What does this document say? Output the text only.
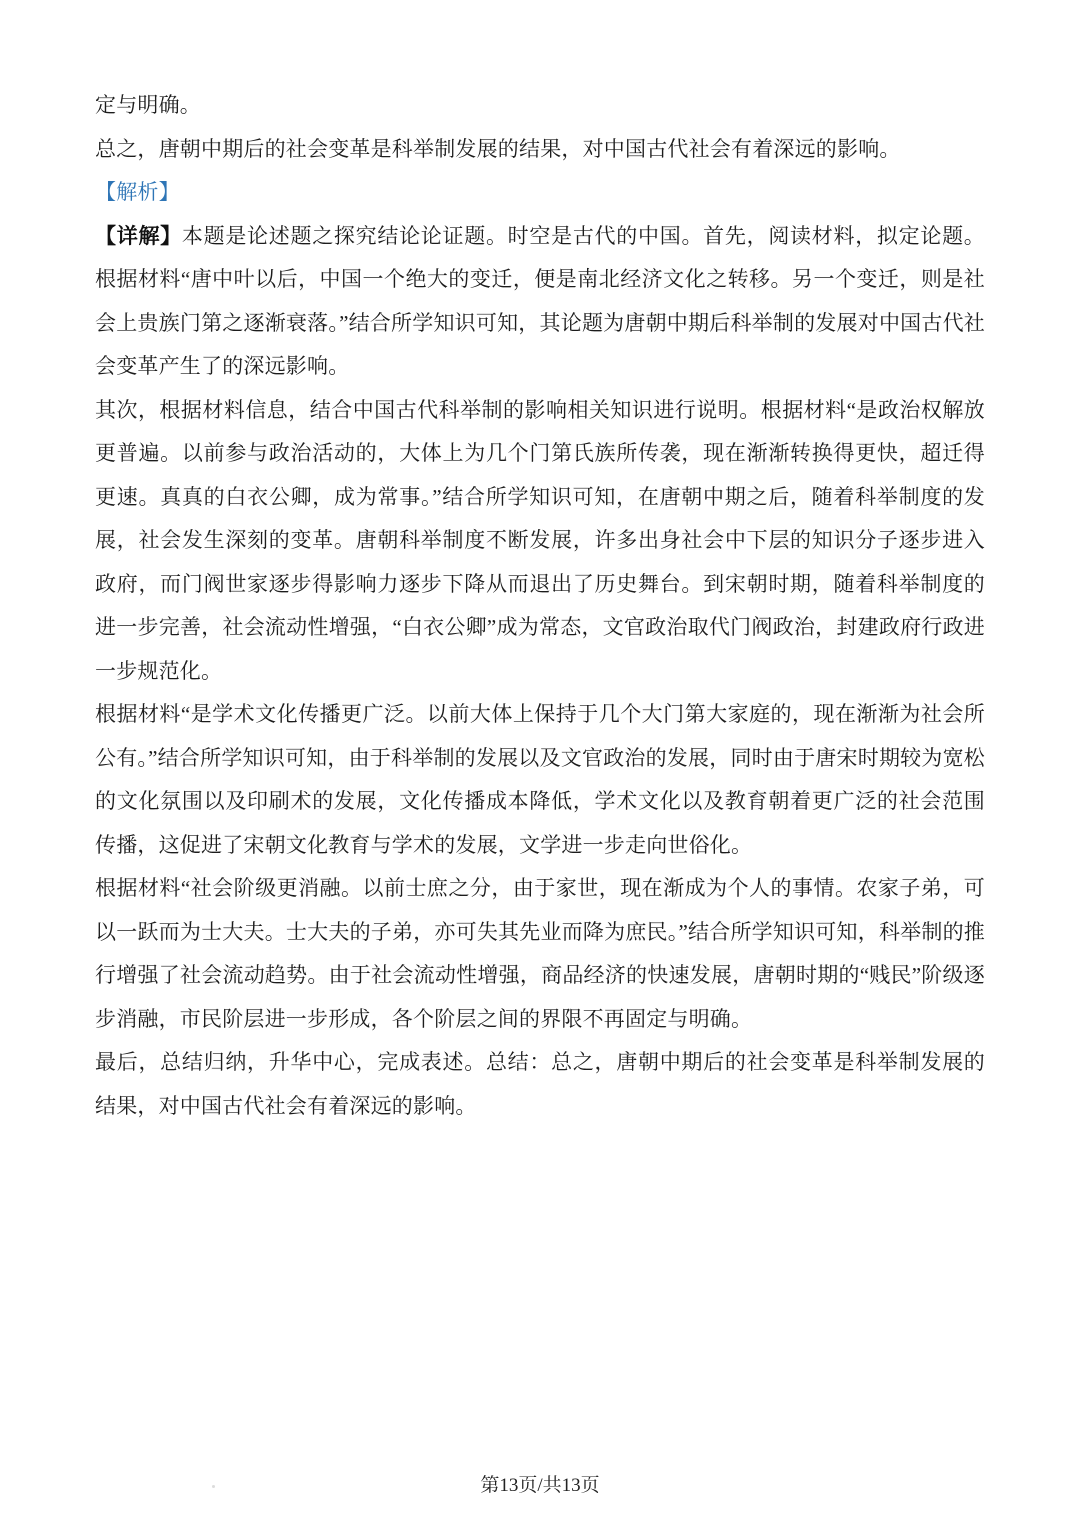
定与明确。

总之，唐朝中期后的社会变革是科举制发展的结果，对中国古代社会有着深远的影响。

【解析】

【详解】本题是论述题之探究结论论证题。时空是古代的中国。首先，阅读材料，拟定论题。根据材料“唐中叶以后，中国一个绝大的变迁，便是南北经济文化之转移。另一个变迁，则是社会上贵族门第之逐渐衰落。”结合所学知识可知，其论题为唐朝中期后科举制的发展对中国古代社会变革产生了的深远影响。

其次，根据材料信息，结合中国古代科举制的影响相关知识进行说明。根据材料“是政治权解放更普遍。以前参与政治活动的，大体上为几个门第氏族所传袭，现在渐渐转换得更快，超迁得更速。真真的白衣公卿，成为常事。”结合所学知识可知，在唐朝中期之后，随着科举制度的发展，社会发生深刻的变革。唐朝科举制度不断发展，许多出身社会中下层的知识分子逐步进入政府，而门阀世家逐步得影响力逐步下降从而退出了历史舞台。到宋朝时期，随着科举制度的进一步完善，社会流动性增强，“白衣公卿”成为常态，文官政治取代门阀政治，封建政府行政进一步规范化。

根据材料“是学术文化传播更广泛。以前大体上保持于几个大门第大家庭的，现在渐渐为社会所公有。”结合所学知识可知，由于科举制的发展以及文官政治的发展，同时由于唐宋时期较为宽松的文化氛围以及印刷术的发展，文化传播成本降低，学术文化以及教育朝着更广泛的社会范围传播，这促进了宋朝文化教育与学术的发展，文学进一步走向世俗化。

根据材料“社会阶级更消融。以前士庶之分，由于家世，现在渐成为个人的事情。农家子弟，可以一跃而为士大夫。士大夫的子弟，亦可失其先业而降为庶民。”结合所学知识可知，科举制的推行增强了社会流动趋势。由于社会流动性增强，商品经济的快速发展，唐朝时期的“贱民”阶级逐步消融，市民阶层进一步形成，各个阶层之间的界限不再固定与明确。

最后，总结归纳，升华中心，完成表述。总结：总之，唐朝中期后的社会变革是科举制发展的结果，对中国古代社会有着深远的影响。

第13页/共13页
